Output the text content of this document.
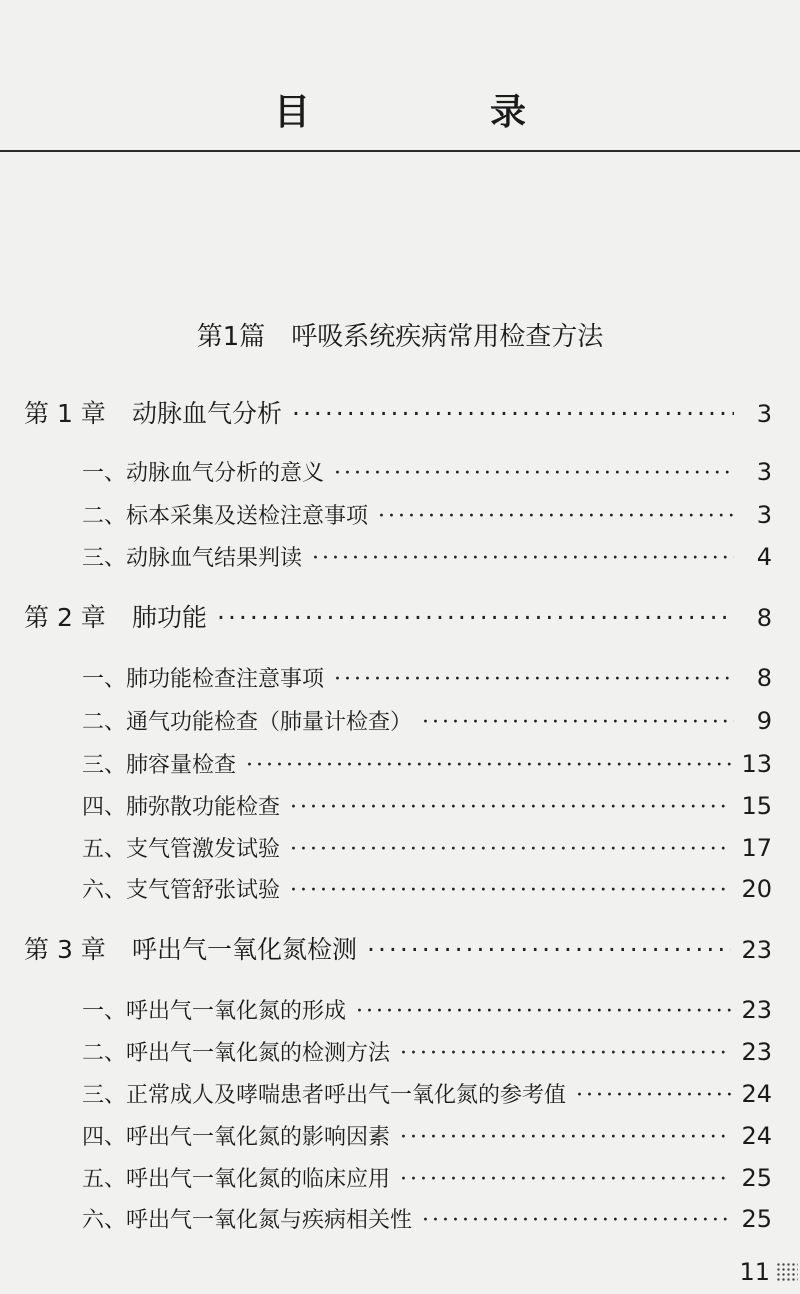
目　录
第1篇　呼吸系统疾病常用检查方法
第 1 章	动脉血气分析 ·····	3
一、动脉血气分析的意义 ·····	3
二、标本采集及送检注意事项 ·····	3
三、动脉血气结果判读 ·····	4
第 2 章	肺功能 ·····	8
一、肺功能检查注意事项 ·····	8
二、通气功能检查（肺量计检查） ·····	9
三、肺容量检查 ·····	13
四、肺弥散功能检查 ·····	15
五、支气管激发试验 ·····	17
六、支气管舒张试验 ·····	20
第 3 章	呼出气一氧化氮检测 ·····	23
一、呼出气一氧化氮的形成 ·····	23
二、呼出气一氧化氮的检测方法 ·····	23
三、正常成人及哮喘患者呼出气一氧化氮的参考值 ·····	24
四、呼出气一氧化氮的影响因素 ·····	24
五、呼出气一氧化氮的临床应用 ·····	25
六、呼出气一氧化氮与疾病相关性 ·····	25
11
